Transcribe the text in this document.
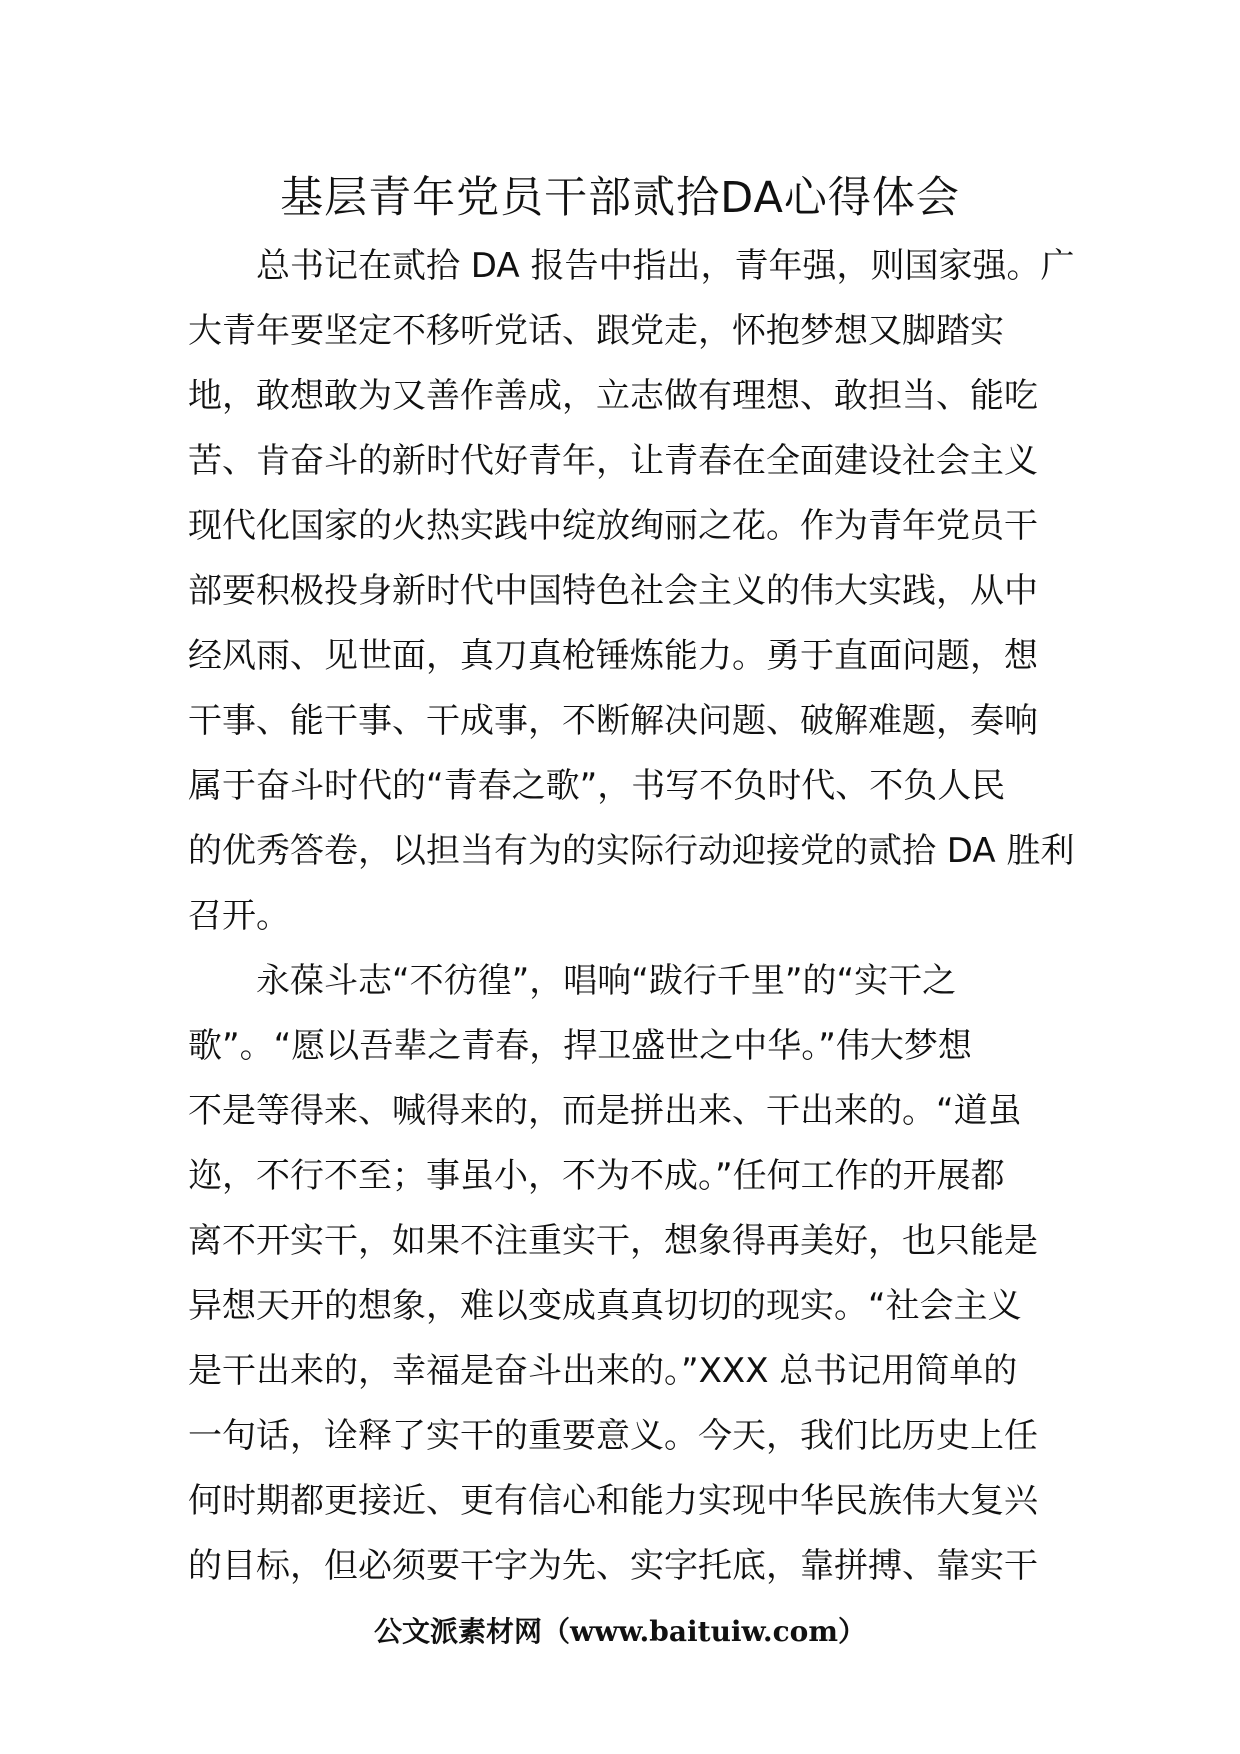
基层青年党员干部贰拾DA心得体会

总书记在贰拾 DA 报告中指出，青年强，则国家强。广
大青年要坚定不移听党话、跟党走，怀抱梦想又脚踏实
地，敢想敢为又善作善成，立志做有理想、敢担当、能吃
苦、肯奋斗的新时代好青年，让青春在全面建设社会主义
现代化国家的火热实践中绽放绚丽之花。作为青年党员干
部要积极投身新时代中国特色社会主义的伟大实践，从中
经风雨、见世面，真刀真枪锤炼能力。勇于直面问题，想
干事、能干事、干成事，不断解决问题、破解难题，奏响
属于奋斗时代的“青春之歌”，书写不负时代、不负人民
的优秀答卷，以担当有为的实际行动迎接党的贰拾 DA 胜利
召开。

永葆斗志“不彷徨”，唱响“跋行千里”的“实干之
歌”。“愿以吾辈之青春，捍卫盛世之中华。”伟大梦想
不是等得来、喊得来的，而是拼出来、干出来的。“道虽
迩，不行不至；事虽小，不为不成。”任何工作的开展都
离不开实干，如果不注重实干，想象得再美好，也只能是
异想天开的想象，难以变成真真切切的现实。“社会主义
是干出来的，幸福是奋斗出来的。”XXX 总书记用简单的
一句话，诠释了实干的重要意义。今天，我们比历史上任
何时期都更接近、更有信心和能力实现中华民族伟大复兴
的目标，但必须要干字为先、实字托底，靠拼搏、靠实干

公文派素材网（www.baituiw.com）
